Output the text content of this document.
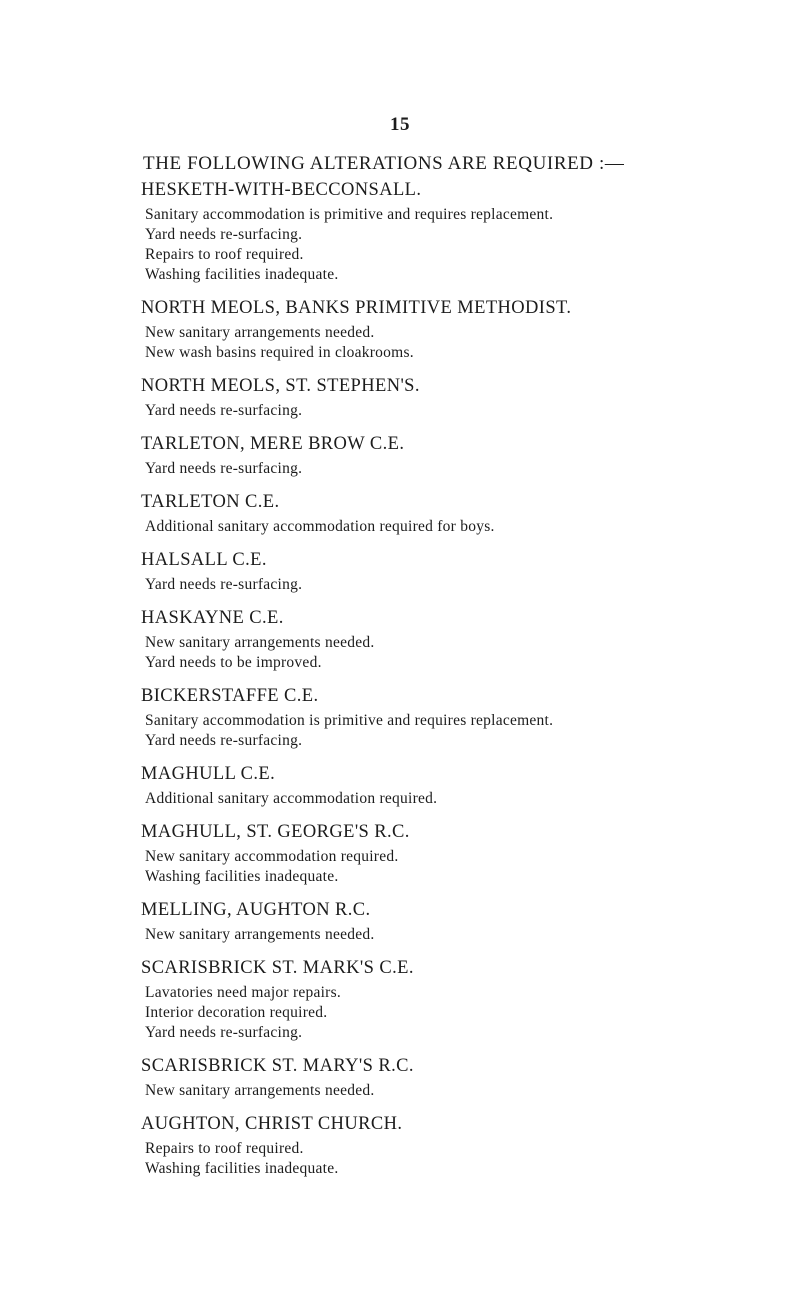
15
THE FOLLOWING ALTERATIONS ARE REQUIRED :—
HESKETH-WITH-BECCONSALL.
Sanitary accommodation is primitive and requires replacement.
Yard needs re-surfacing.
Repairs to roof required.
Washing facilities inadequate.
NORTH MEOLS, BANKS PRIMITIVE METHODIST.
New sanitary arrangements needed.
New wash basins required in cloakrooms.
NORTH MEOLS, ST. STEPHEN'S.
Yard needs re-surfacing.
TARLETON, MERE BROW C.E.
Yard needs re-surfacing.
TARLETON C.E.
Additional sanitary accommodation required for boys.
HALSALL C.E.
Yard needs re-surfacing.
HASKAYNE C.E.
New sanitary arrangements needed.
Yard needs to be improved.
BICKERSTAFFE C.E.
Sanitary accommodation is primitive and requires replacement.
Yard needs re-surfacing.
MAGHULL C.E.
Additional sanitary accommodation required.
MAGHULL, ST. GEORGE'S R.C.
New sanitary accommodation required.
Washing facilities inadequate.
MELLING, AUGHTON R.C.
New sanitary arrangements needed.
SCARISBRICK ST. MARK'S C.E.
Lavatories need major repairs.
Interior decoration required.
Yard needs re-surfacing.
SCARISBRICK ST. MARY'S R.C.
New sanitary arrangements needed.
AUGHTON, CHRIST CHURCH.
Repairs to roof required.
Washing facilities inadequate.
